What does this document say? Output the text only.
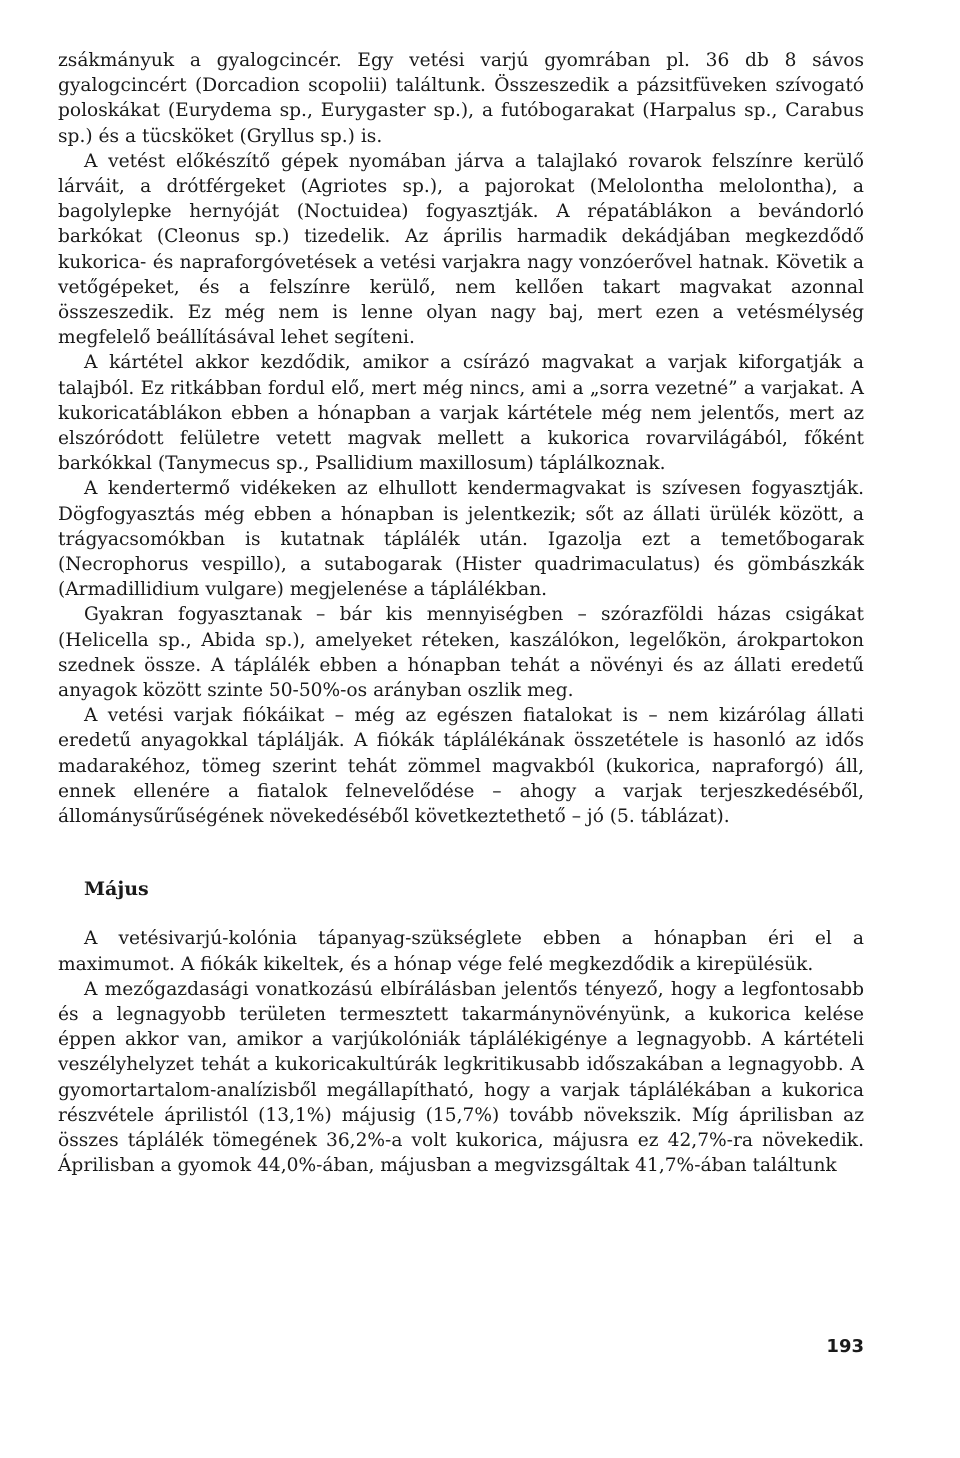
zsákmányuk a gyalogcincér. Egy vetési varjú gyomrában pl. 36 db 8 sávos gyalogcincért (Dorcadion scopolii) találtunk. Összeszedik a pázsitfüveken szívogató poloskákat (Eurydema sp., Eurygaster sp.), a futóbogarakat (Harpalus sp., Carabus sp.) és a tücsköket (Gryllus sp.) is.

A vetést előkészítő gépek nyomában járva a talajlakó rovarok felszínre kerülő lárváit, a drótférgeket (Agriotes sp.), a pajorokat (Melolontha melolontha), a bagolylepke hernyóját (Noctuidea) fogyasztják. A répatáblákon a bevándorló barkókat (Cleonus sp.) tizedelik. Az április harmadik dekádjában megkezdődő kukorica- és napraforgóvetések a vetési varjakra nagy vonzóerővel hatnak. Követik a vetőgépeket, és a felszínre kerülő, nem kellően takart magvakat azonnal összeszedik. Ez még nem is lenne olyan nagy baj, mert ezen a vetésmélység megfelelő beállításával lehet segíteni.

A kártétel akkor kezdődik, amikor a csírázó magvakat a varjak kiforgatják a talajból. Ez ritkábban fordul elő, mert még nincs, ami a „sorra vezetné” a varjakat. A kukoricatáblákon ebben a hónapban a varjak kártétele még nem jelentős, mert az elszóródott felületre vetett magvak mellett a kukorica rovarvilágából, főként barkókkal (Tanymecus sp., Psallidium maxillosum) táplálkoznak.

A kendertermő vidékeken az elhullott kendermagvakat is szívesen fogyasztják. Dögfogyasztás még ebben a hónapban is jelentkezik; sőt az állati ürülék között, a trágyacsomókban is kutatnak táplálék után. Igazolja ezt a temetőbogarak (Necrophorus vespillo), a sutabogarak (Hister quadrimaculatus) és gömbászkák (Armadillidium vulgare) megjelenése a táplálékban.

Gyakran fogyasztanak – bár kis mennyiségben – szórazföldi házas csigákat (Helicella sp., Abida sp.), amelyeket réteken, kaszálókon, legelőkön, árokpartokon szednek össze. A táplálék ebben a hónapban tehát a növényi és az állati eredetű anyagok között szinte 50-50%-os arányban oszlik meg.

A vetési varjak fiókáikat – még az egészen fiatalokat is – nem kizárólag állati eredetű anyagokkal táplálják. A fiókák táplálékának összetétele is hasonló az idős madarakéhoz, tömeg szerint tehát zömmel magvakból (kukorica, napraforgó) áll, ennek ellenére a fiatalok felnevelődése – ahogy a varjak terjeszkedéséből, állománysűrűségének növekedéséből következtethető – jó (5. táblázat).

Május

A vetésivarjú-kolónia tápanyag-szükséglete ebben a hónapban éri el a maximumot. A fiókák kikeltek, és a hónap vége felé megkezdődik a kirepülésük.

A mezőgazdasági vonatkozású elbírálásban jelentős tényező, hogy a legfontosabb és a legnagyobb területen termesztett takarmánynövényünk, a kukorica kelése éppen akkor van, amikor a varjúkolóniák táplálékigénye a legnagyobb. A kártételi veszélyhelyzet tehát a kukoricakultúrák legkritikusabb időszakában a legnagyobb. A gyomortartalom-analízisből megállapítható, hogy a varjak táplálékában a kukorica részvétele áprilistól (13,1%) májusig (15,7%) tovább növekszik. Míg áprilisban az összes táplálék tömegének 36,2%-a volt kukorica, májusra ez 42,7%-ra növekedik. Áprilisban a gyomok 44,0%-ában, májusban a megvizsgáltak 41,7%-ában találtunk

193
